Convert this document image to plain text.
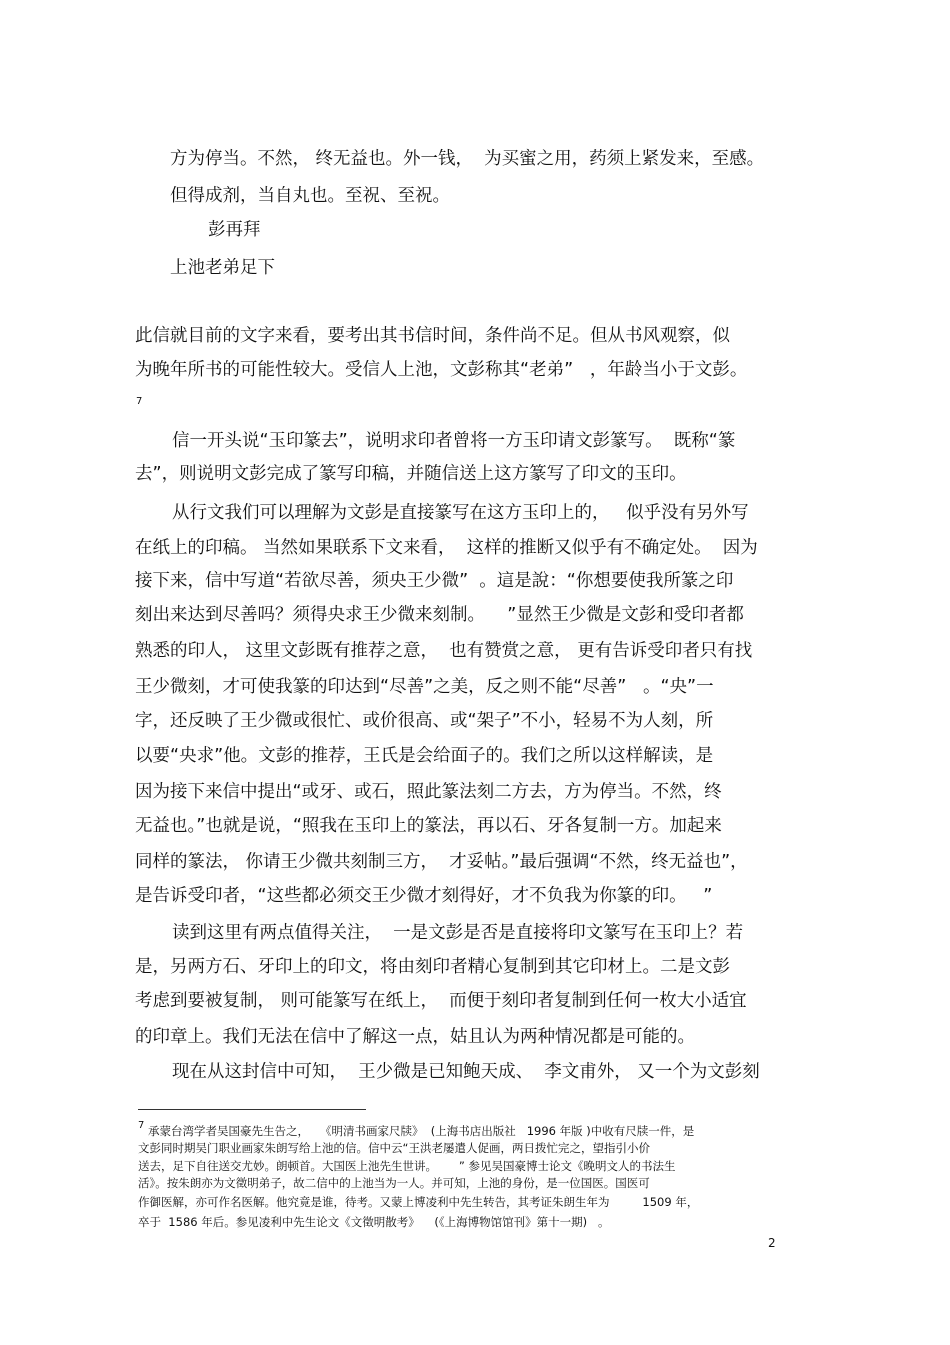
方为停当。不然， 终无益也。外一钱，  为买蜜之用，药须上紧发来，至感。
但得成剂，当自丸也。至祝、至祝。
彭再拜
上池老弟足下
此信就目前的文字来看，要考出其书信时间，条件尚不足。但从书风观察，似
为晚年所书的可能性较大。受信人上池，文彭称其“老弟”   ，年龄当小于文彭。
7
信一开头说“玉印篆去”，说明求印者曾将一方玉印请文彭篆写。  既称“篆
去”，则说明文彭完成了篆写印稿，并随信送上这方篆写了印文的玉印。
从行文我们可以理解为文彭是直接篆写在这方玉印上的，   似乎没有另外写
在纸上的印稿。 当然如果联系下文来看，  这样的推断又似乎有不确定处。  因为
接下来，信中写道“若欲尽善，须央王少微”  。這是說：“你想要使我所篆之印
刻出来达到尽善吗？须得央求王少微来刻制。    ”显然王少微是文彭和受印者都
熟悉的印人， 这里文彭既有推荐之意，  也有赞赏之意， 更有告诉受印者只有找
王少微刻，才可使我篆的印达到“尽善”之美，反之则不能“尽善”   。“央”一
字，还反映了王少微或很忙、或价很高、或“架子”不小，轻易不为人刻，所
以要“央求”他。文彭的推荐，王氏是会给面子的。我们之所以这样解读，是
因为接下来信中提出“或牙、或石，照此篆法刻二方去，方为停当。不然，终
无益也。”也就是说，“照我在玉印上的篆法，再以石、牙各复制一方。加起来
同样的篆法， 你请王少微共刻制三方，  才妥帖。”最后强调“不然，终无益也”，
是告诉受印者，“这些都必须交王少微才刻得好，才不负我为你篆的印。   ”
读到这里有两点值得关注，  一是文彭是否是直接将印文篆写在玉印上？若
是，另两方石、牙印上的印文，将由刻印者精心复制到其它印材上。二是文彭
考虑到要被复制， 则可能篆写在纸上，  而便于刻印者复制到任何一枚大小适宜
的印章上。我们无法在信中了解这一点，姑且认为两种情况都是可能的。
现在从这封信中可知，  王少微是已知鲍天成、  李文甫外， 又一个为文彭刻
7 承蒙台湾学者吴国豪先生告之，   《明清书画家尺牍》  (上海书店出版社   1996 年版 )中收有尺牍一件，是
文彭同时期吴门职业画家朱朗写给上池的信。信中云“王洪老屡遣人促画，两日拨忙完之，望指引小价
送去，足下自往送交尤妙。朗顿首。大国医上池先生世讲。      ” 参见吴国豪博士论文《晚明文人的书法生
活》。按朱朗亦为文徵明弟子，故二信中的上池当为一人。并可知，上池的身份，是一位国医。国医可
作御医解，亦可作名医解。他究竟是谁，待考。又蒙上博凌利中先生转告，其考证朱朗生年为         1509 年，
卒于  1586 年后。参见凌利中先生论文《文徵明散考》    (《上海博物馆馆刊》第十一期)   。
2
